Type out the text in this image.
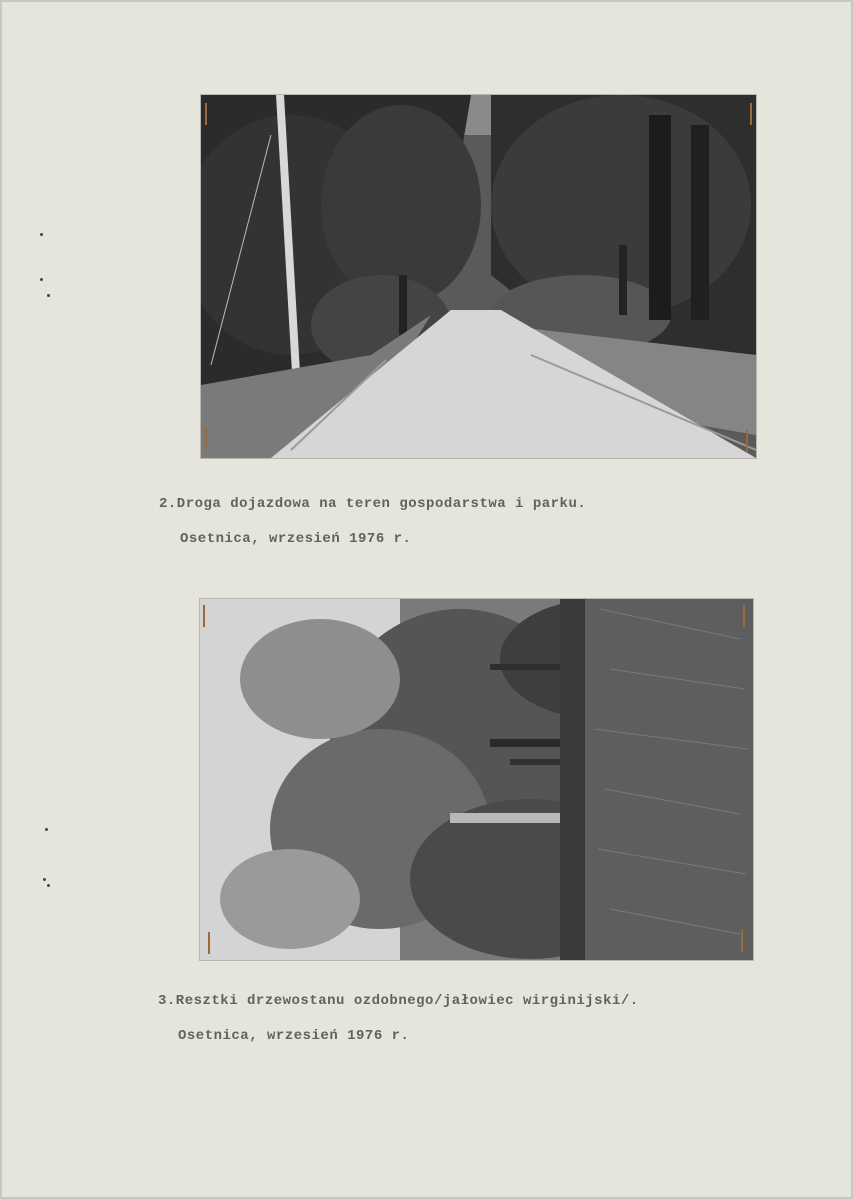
2.Droga dojazdowa na teren gospodarstwa i parku.
Osetnica, wrzesień 1976 r.
3.Resztki drzewostanu ozdobnego/jałowiec wirginijski/.
Osetnica, wrzesień 1976 r.
